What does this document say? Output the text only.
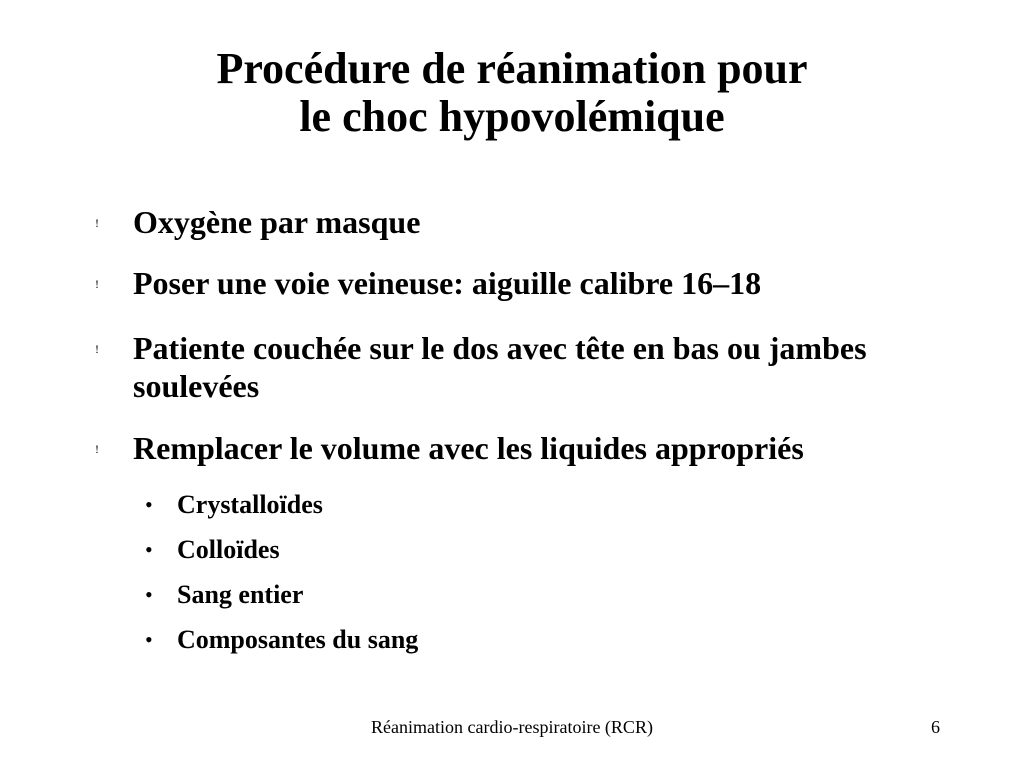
Procédure de réanimation pour
le choc hypovolémique
! Oxygène par masque
! Poser une voie veineuse: aiguille calibre 16–18
! Patiente couchée sur le dos avec tête en bas ou jambes soulevées
! Remplacer le volume avec les liquides appropriés
• Crystalloïdes
• Colloïdes
• Sang entier
• Composantes du sang
Réanimation cardio-respiratoire (RCR)	6
